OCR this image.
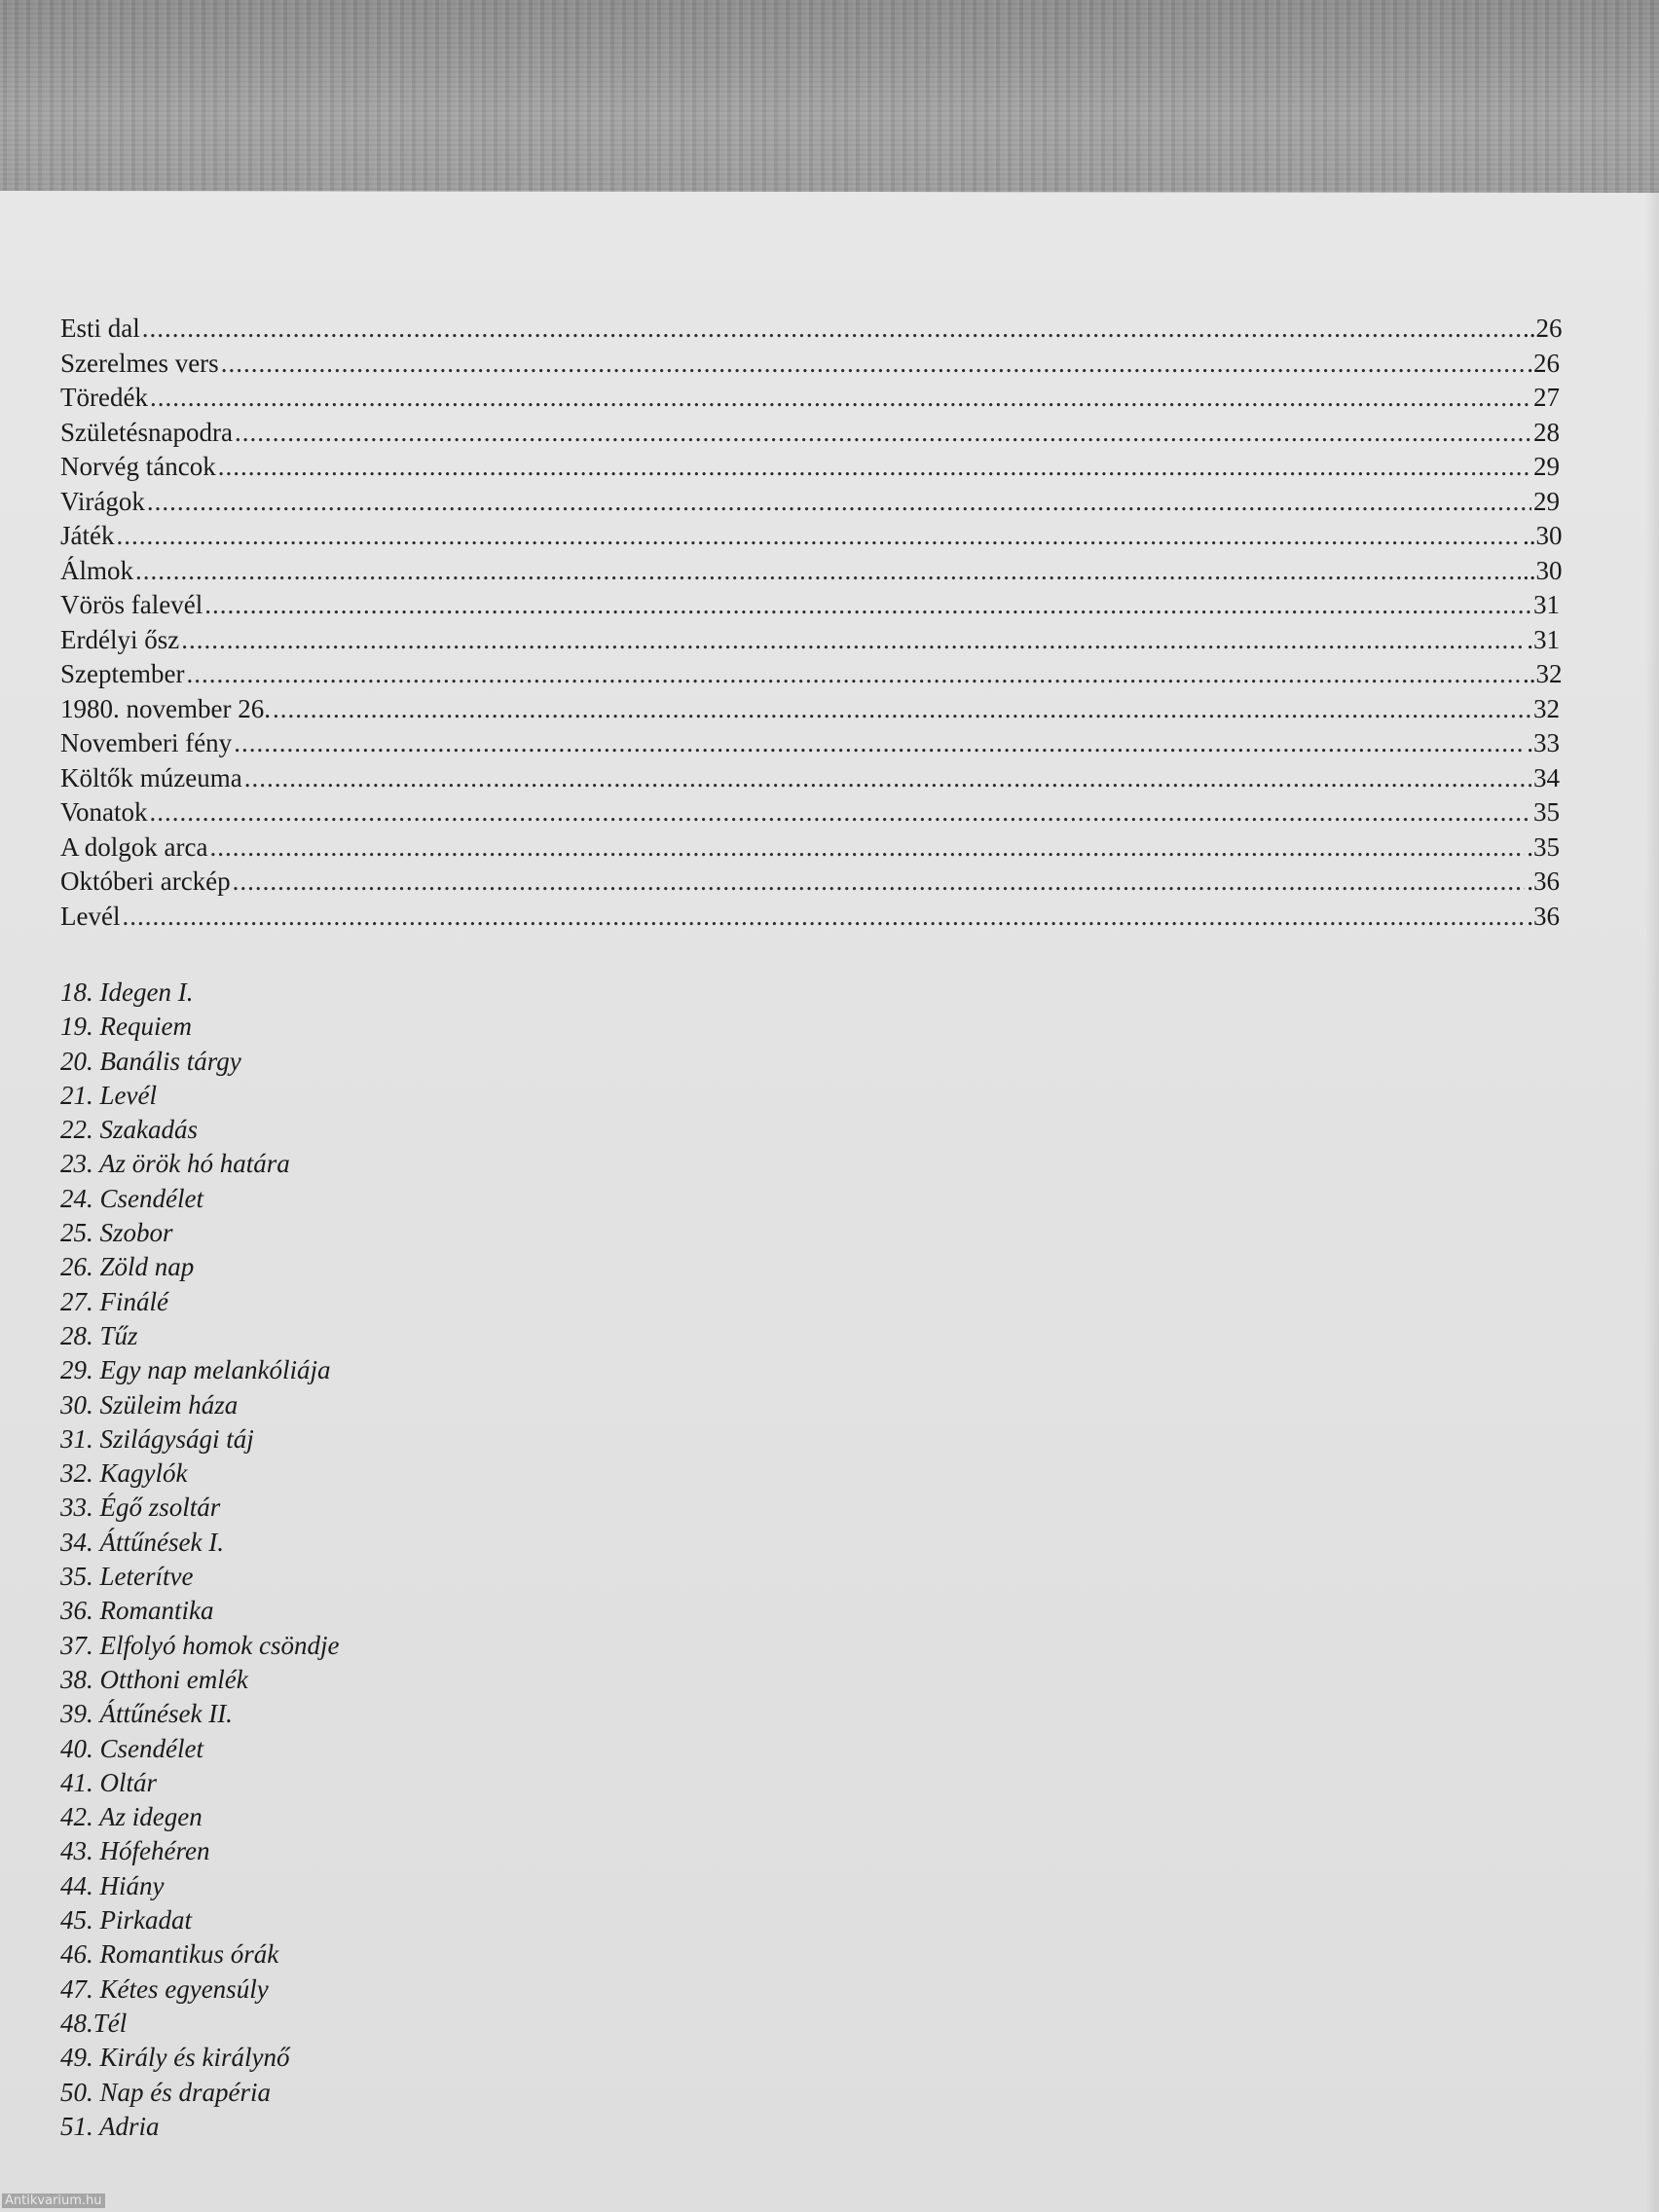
Esti dal .....	..26
Szerelmes vers .....	.26
Töredék .....	27
Születésnapodra .....	28
Norvég táncok .....	29
Virágok .....	29
Játék .....	..30
Álmok .....	..30
Vörös falevél .....	31
Erdélyi ősz .....	.31
Szeptember .....	..32
1980. november 26. .....	32
Novemberi fény .....	.33
Költők múzeuma .....	34
Vonatok .....	35
A dolgok arca .....	.35
Októberi arckép .....	.36
Levél .....	.36
18. Idegen I.
19. Requiem
20. Banális tárgy
21. Levél
22. Szakadás
23. Az örök hó határa
24. Csendélet
25. Szobor
26. Zöld nap
27. Finálé
28. Tűz
29. Egy nap melankóliája
30. Szüleim háza
31. Szilágysági táj
32. Kagylók
33. Égő zsoltár
34. Áttűnések I.
35. Leterítve
36. Romantika
37. Elfolyó homok csöndje
38. Otthoni emlék
39. Áttűnések II.
40. Csendélet
41. Oltár
42. Az idegen
43. Hófehéren
44. Hiány
45. Pirkadat
46. Romantikus órák
47. Kétes egyensúly
48.Tél
49. Király és királynő
50. Nap és drapéria
51. Adria
Antikvarium.hu
